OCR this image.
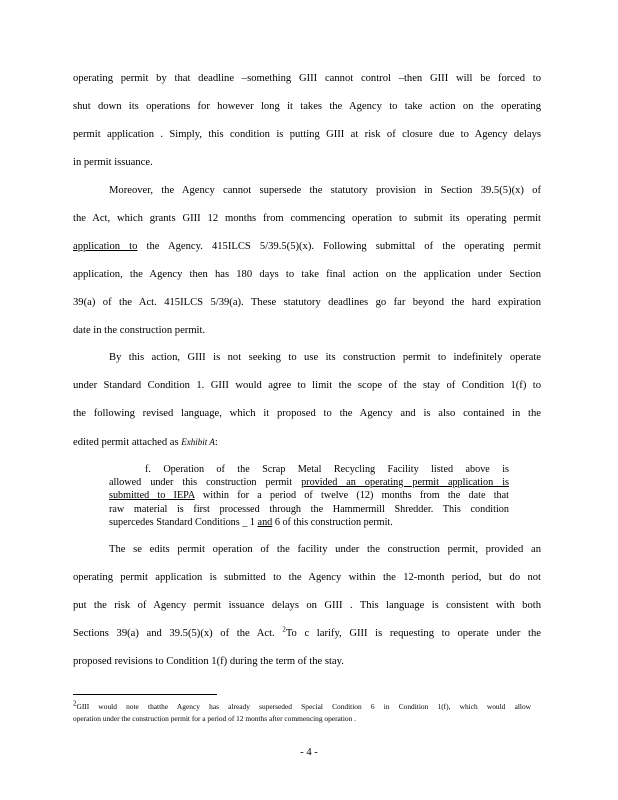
operating permit by that deadline –something GIII cannot control –then GIII will be forced to
shut down its operations for however long it takes the Agency to take action on the operating
permit application . Simply, this condition is putting GIII at risk of closure due to Agency delays
in permit issuance.
Moreover, the Agency cannot supersede the statutory provision in Section 39.5(5)(x) of
the Act, which grants GIII 12 months from commencing operation to submit its operating permit
application to the Agency. 415ILCS 5/39.5(5)(x). Following submittal of the operating permit
application, the Agency then has 180 days to take final action on the application under Section
39(a) of the Act. 415ILCS 5/39(a). These statutory deadlines go far beyond the hard expiration
date in the construction permit.
By this action, GIII is not seeking to use its construction permit to indefinitely operate
under Standard Condition 1. GIII would agree to limit the scope of the stay of Condition 1(f) to
the following revised language, which it proposed to the Agency and is also contained in the
edited permit attached as Exhibit A:
f. Operation of the Scrap Metal Recycling Facility listed above is
allowed under this construction permit provided an operating permit application is
submitted to IEPA within for a period of twelve (12) months from the date that
raw material is first processed through the Hammermill Shredder. This condition
supercedes Standard Conditions _ 1 and 6 of this construction permit.
The se edits permit operation of the facility under the construction permit, provided an
operating permit application is submitted to the Agency within the 12-month period, but do not
put the risk of Agency permit issuance delays on GIII . This language is consistent with both
Sections 39(a) and 39.5(5)(x) of the Act. $^2$To c larify, GIII is requesting to operate under the
proposed revisions to Condition 1(f) during the term of the stay.
$^2$GIII would note thatthe Agency has already superseded Special Condition 6 in Condition 1(f), which would allow
operation under the construction permit for a period of 12 months after commencing operation .
- 4 -
